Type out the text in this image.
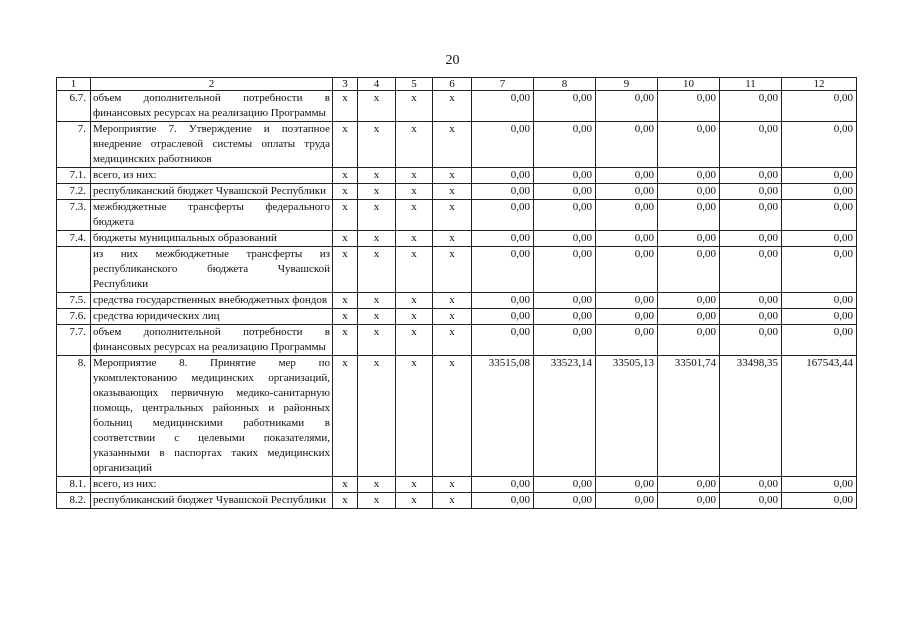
20
1	2	3	4	5	6	7	8	9	10	11	12
6.7.	объем дополнительной потребности в финансовых ресурсах на реализацию Программы	х	х	х	х	0,00	0,00	0,00	0,00	0,00	0,00
7.	Мероприятие 7. Утверждение и поэтапное внедрение отраслевой системы оплаты труда медицинских работников	х	х	х	х	0,00	0,00	0,00	0,00	0,00	0,00
7.1.	всего, из них:	х	х	х	х	0,00	0,00	0,00	0,00	0,00	0,00
7.2.	республиканский бюджет Чувашской Республики	х	х	х	х	0,00	0,00	0,00	0,00	0,00	0,00
7.3.	межбюджетные трансферты федерального бюджета	х	х	х	х	0,00	0,00	0,00	0,00	0,00	0,00
7.4.	бюджеты муниципальных образований	х	х	х	х	0,00	0,00	0,00	0,00	0,00	0,00
	из них межбюджетные трансферты из республиканского бюджета Чувашской Республики	х	х	х	х	0,00	0,00	0,00	0,00	0,00	0,00
7.5.	средства государственных внебюджетных фондов	х	х	х	х	0,00	0,00	0,00	0,00	0,00	0,00
7.6.	средства юридических лиц	х	х	х	х	0,00	0,00	0,00	0,00	0,00	0,00
7.7.	объем дополнительной потребности в финансовых ресурсах на реализацию Программы	х	х	х	х	0,00	0,00	0,00	0,00	0,00	0,00
8.	Мероприятие 8. Принятие мер по укомплектованию медицинских организаций, оказывающих первичную медико-санитарную помощь, центральных районных и районных больниц медицинскими работниками в соответствии с целевыми показателями, указанными в паспортах таких медицинских организаций	х	х	х	х	33515,08	33523,14	33505,13	33501,74	33498,35	167543,44
8.1.	всего, из них:	х	х	х	х	0,00	0,00	0,00	0,00	0,00	0,00
8.2.	республиканский бюджет Чувашской Республики	х	х	х	х	0,00	0,00	0,00	0,00	0,00	0,00
